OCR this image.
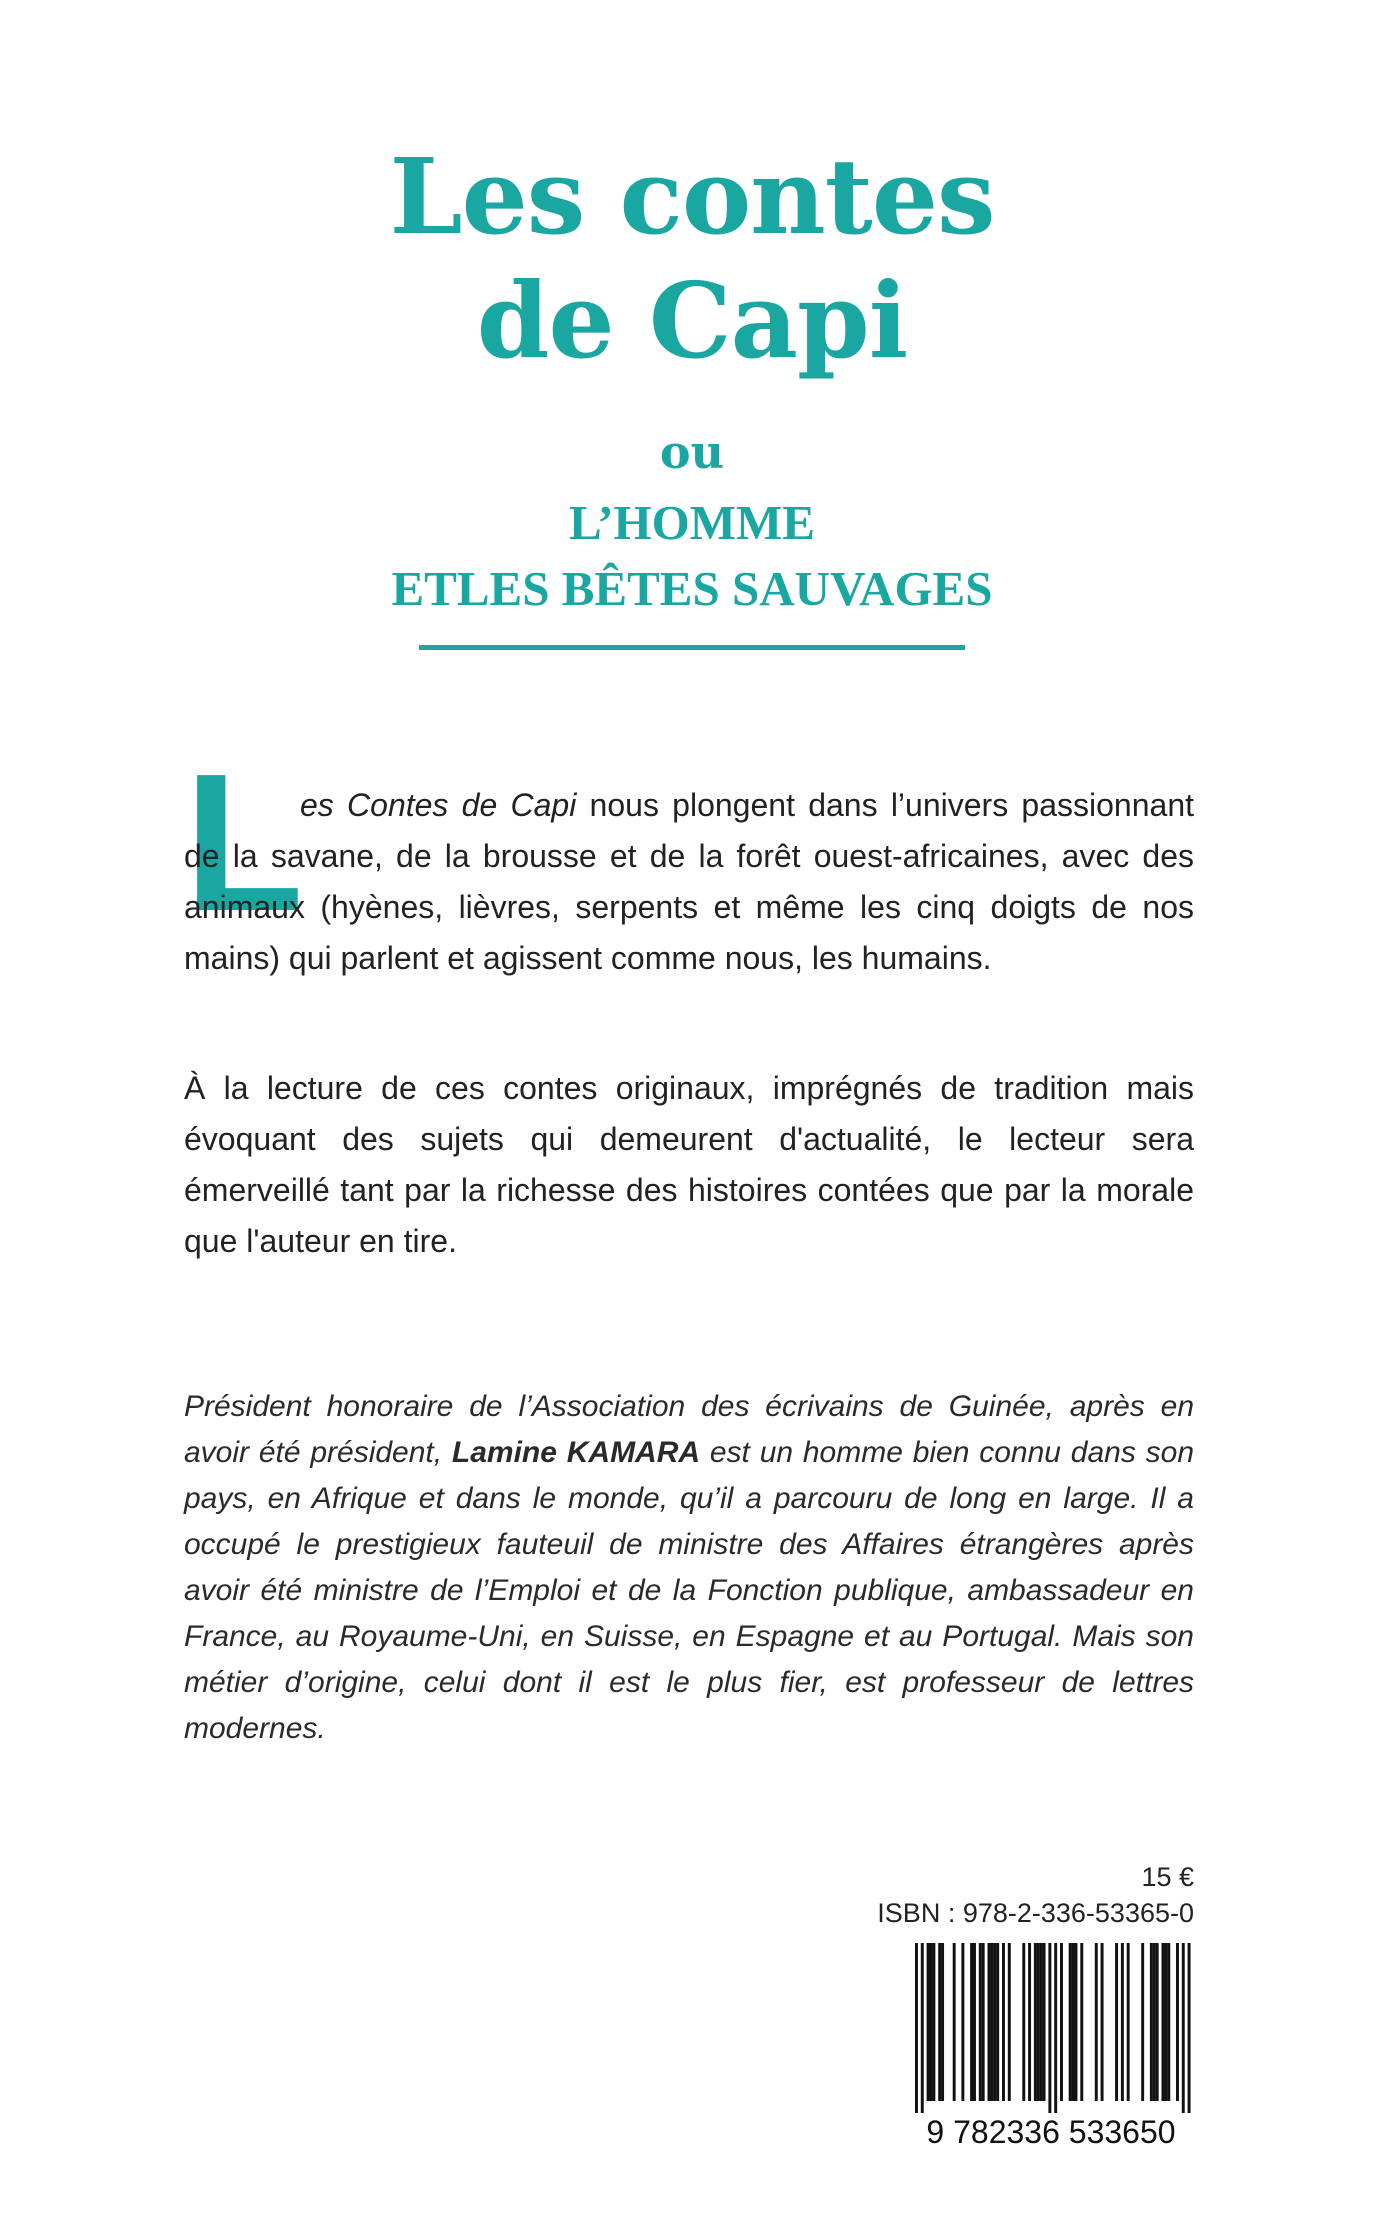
Les contes
de Capi
ou
L’HOMME
ETLES BÊTES SAUVAGES
L

es Contes de Capi nous plongent dans l’univers passionnant de la savane, de la brousse et de la forêt ouest-africaines, avec des animaux (hyènes, lièvres, serpents et même les cinq doigts de nos mains) qui parlent et agissent comme nous, les humains.

À la lecture de ces contes originaux, imprégnés de tradition mais évoquant des sujets qui demeurent d'actualité, le lecteur sera émerveillé tant par la richesse des histoires contées que par la morale que l'auteur en tire.

Président honoraire de l’Association des écrivains de Guinée, après en avoir été président, Lamine KAMARA est un homme bien connu dans son pays, en Afrique et dans le monde, qu’il a parcouru de long en large. Il a occupé le prestigieux fauteuil de ministre des Affaires étrangères après avoir été ministre de l’Emploi et de la Fonction publique, ambassadeur en France, au Royaume-Uni, en Suisse, en Espagne et au Portugal. Mais son métier d’origine, celui dont il est le plus fier, est professeur de lettres modernes.

15 €
ISBN : 978-2-336-53365-0
9 782336 533650
